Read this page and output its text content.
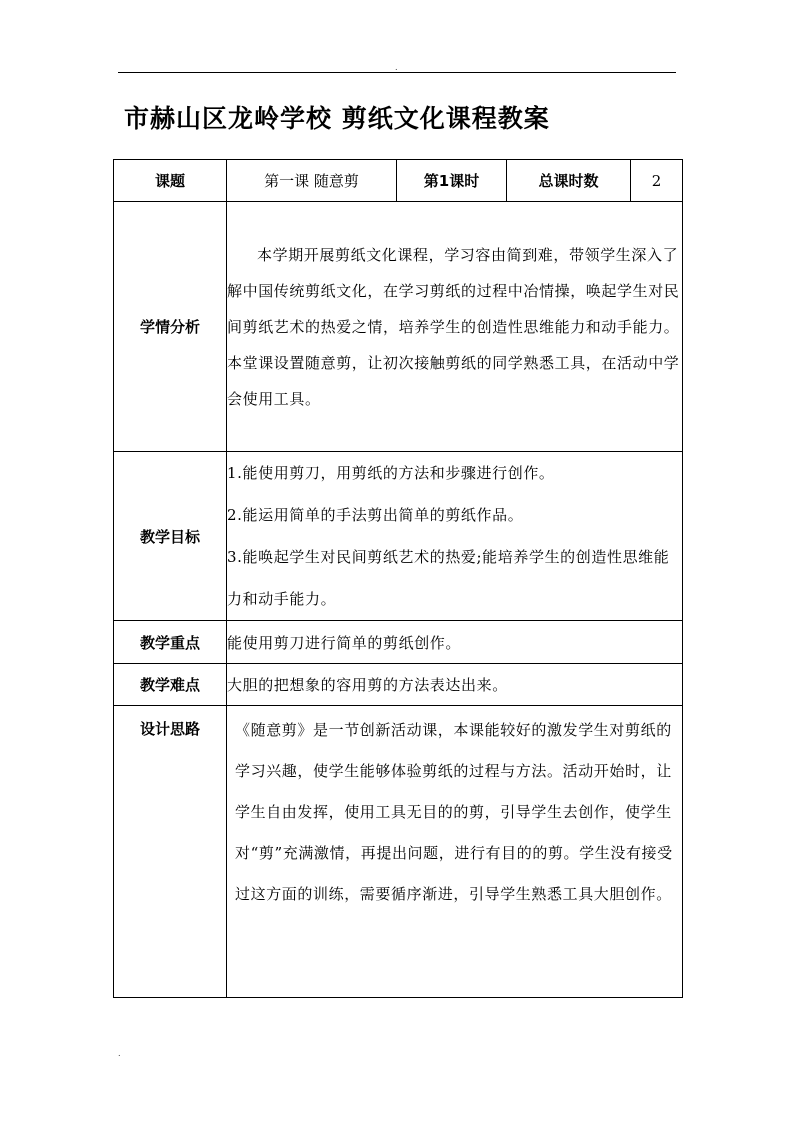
.
市赫山区龙岭学校 剪纸文化课程教案
课题	第一课 随意剪	第1课时	总课时数	2
学情分析	本学期开展剪纸文化课程，学习容由简到难，带领学生深入了解中国传统剪纸文化，在学习剪纸的过程中冶情操，唤起学生对民间剪纸艺术的热爱之情，培养学生的创造性思维能力和动手能力。本堂课设置随意剪，让初次接触剪纸的同学熟悉工具，在活动中学会使用工具。			
教学目标	1.能使用剪刀，用剪纸的方法和步骤进行创作。

2.能运用简单的手法剪出简单的剪纸作品。

3.能唤起学生对民间剪纸艺术的热爱;能培养学生的创造性思维能力和动手能力。			

教学重点	能使用剪刀进行简单的剪纸创作。			
教学难点	大胆的把想象的容用剪的方法表达出来。			
设计思路	《随意剪》是一节创新活动课，本课能较好的激发学生对剪纸的学习兴趣，使学生能够体验剪纸的过程与方法。活动开始时，让学生自由发挥，使用工具无目的的剪，引导学生去创作，使学生对“剪”充满激情，再提出问题，进行有目的的剪。学生没有接受过这方面的训练，需要循序渐进，引导学生熟悉工具大胆创作。			
.
